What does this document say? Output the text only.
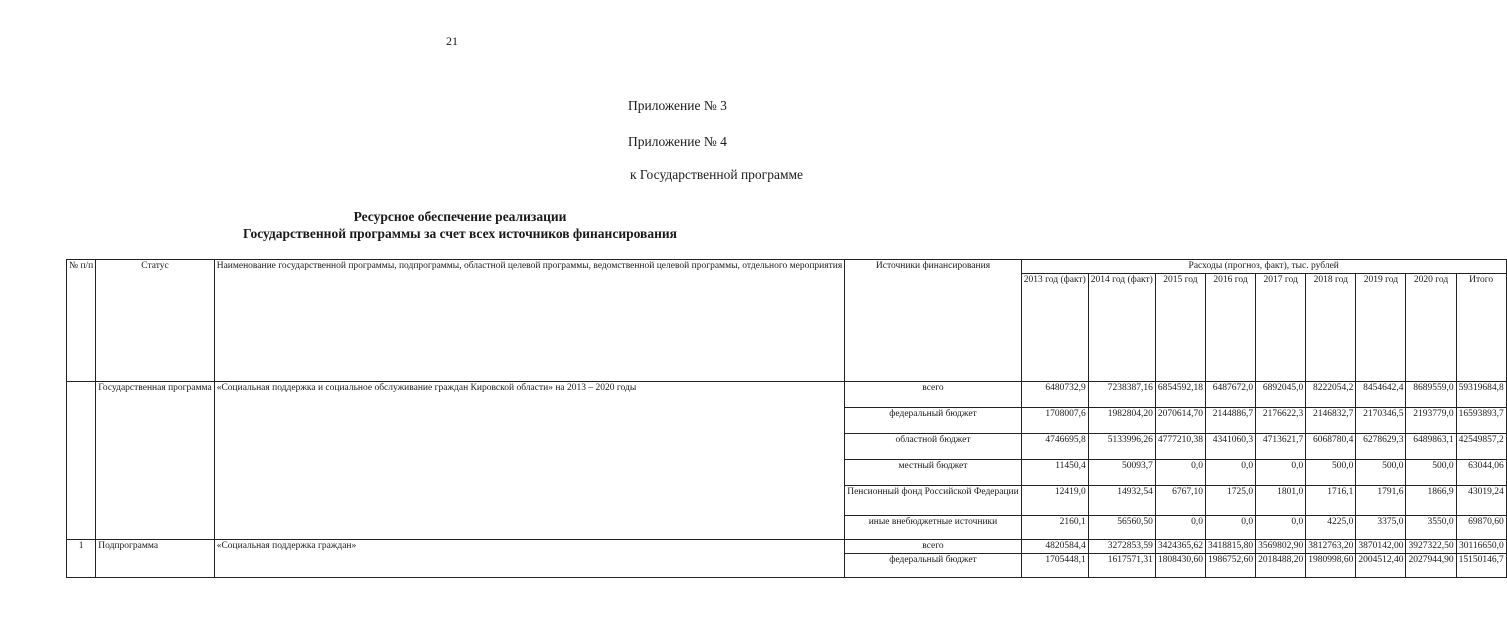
21
Приложение № 3
Приложение № 4
к Государственной программе
Ресурсное обеспечение реализации
Государственной программы за счет всех источников финансирования
№ п/п	Статус	Наименование государственной программы, подпрограммы, областной целевой программы, ведомственной целевой программы, отдельного мероприятия	Источники финансирования	Расходы (прогноз, факт), тыс. рублей								
				2013 год (факт)	2014 год (факт)	2015 год	2016 год	2017 год	2018 год	2019 год	2020 год	Итого
	Государственная программа	«Социальная поддержка и социальное обслуживание граждан Кировской области» на 2013 – 2020 годы	всего	6480732,9	7238387,16	6854592,18	6487672,0	6892045,0	8222054,2	8454642,4	8689559,0	59319684,8
			федеральный бюджет	1708007,6	1982804,20	2070614,70	2144886,7	2176622,3	2146832,7	2170346,5	2193779,0	16593893,7
			областной бюджет	4746695,8	5133996,26	4777210,38	4341060,3	4713621,7	6068780,4	6278629,3	6489863,1	42549857,2
			местный бюджет	11450,4	50093,7	0,0	0,0	0,0	500,0	500,0	500,0	63044,06
			Пенсионный фонд Российской Федерации	12419,0	14932,54	6767,10	1725,0	1801,0	1716,1	1791,6	1866,9	43019,24
			иные внебюджетные источники	2160,1	56560,50	0,0	0,0	0,0	4225,0	3375,0	3550,0	69870,60
1	Подпрограмма	«Социальная поддержка граждан»	всего	4820584,4	3272853,59	3424365,62	3418815,80	3569802,90	3812763,20	3870142,00	3927322,50	30116650,0
			федеральный бюджет	1705448,1	1617571,31	1808430,60	1986752,60	2018488,20	1980998,60	2004512,40	2027944,90	15150146,7
